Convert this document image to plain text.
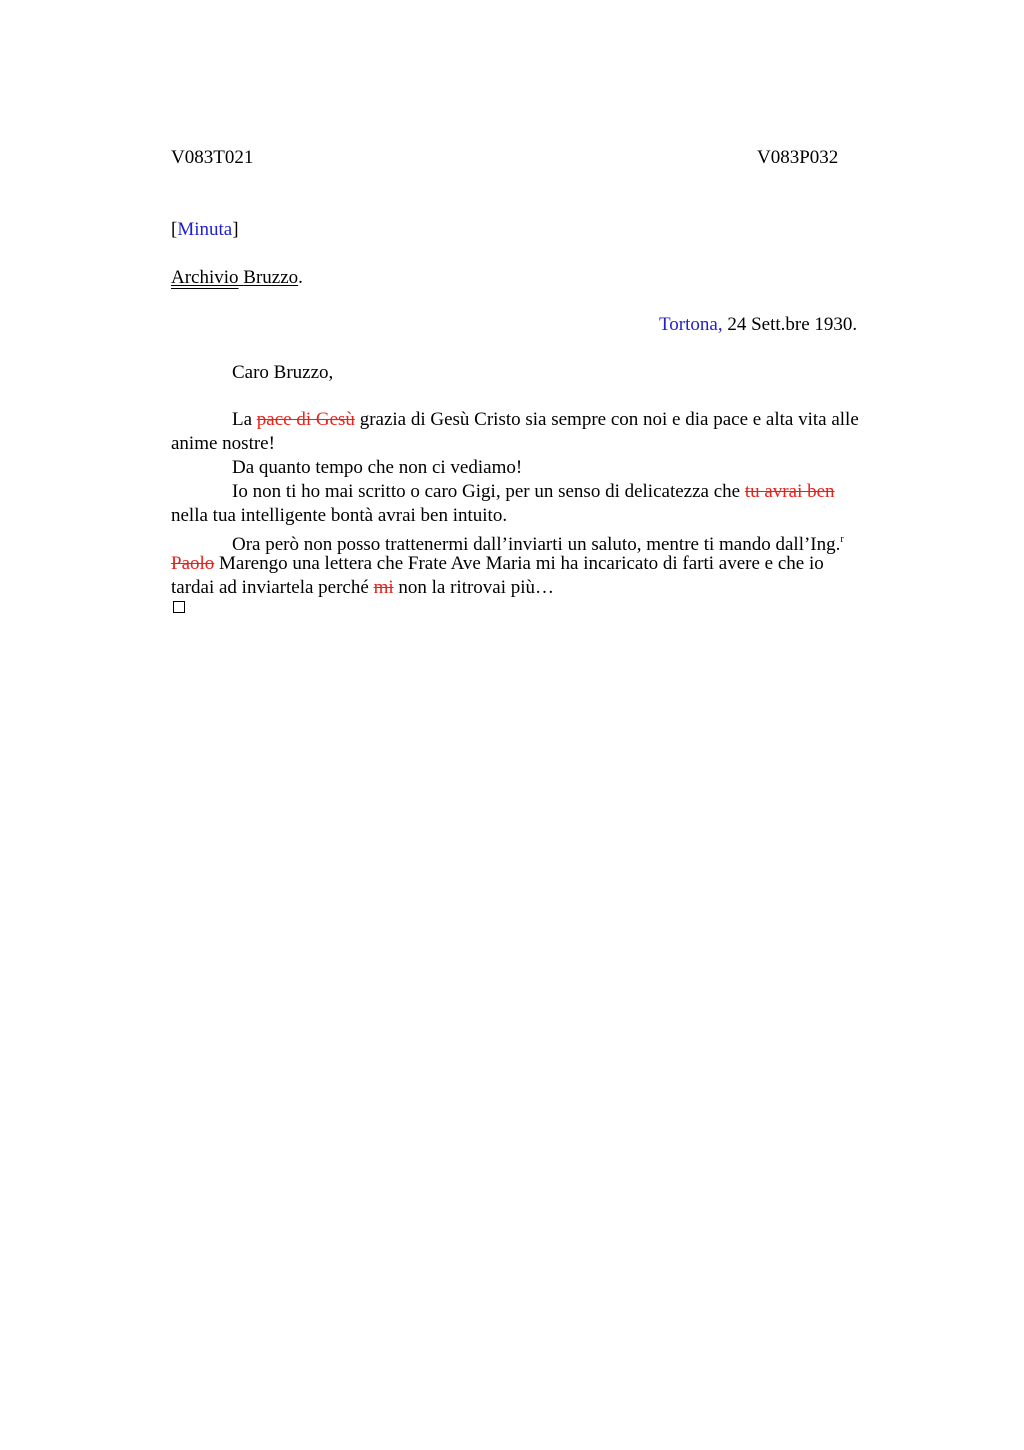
V083T021	V083P032
[Minuta]
Archivio Bruzzo.
Tortona, 24 Sett.bre 1930.
Caro Bruzzo,
La pace di Gesù grazia di Gesù Cristo sia sempre con noi e dia pace e alta vita alle
anime nostre!
Da quanto tempo che non ci vediamo!
Io non ti ho mai scritto o caro Gigi, per un senso di delicatezza che tu avrai ben
nella tua intelligente bontà avrai ben intuito.
Ora però non posso trattenermi dall’inviarti un saluto, mentre ti mando dall’Ing.$^r$
Paolo Marengo una lettera che Frate Ave Maria mi ha incaricato di farti avere e che io
tardai ad inviartela perché mi non la ritrovai più…
